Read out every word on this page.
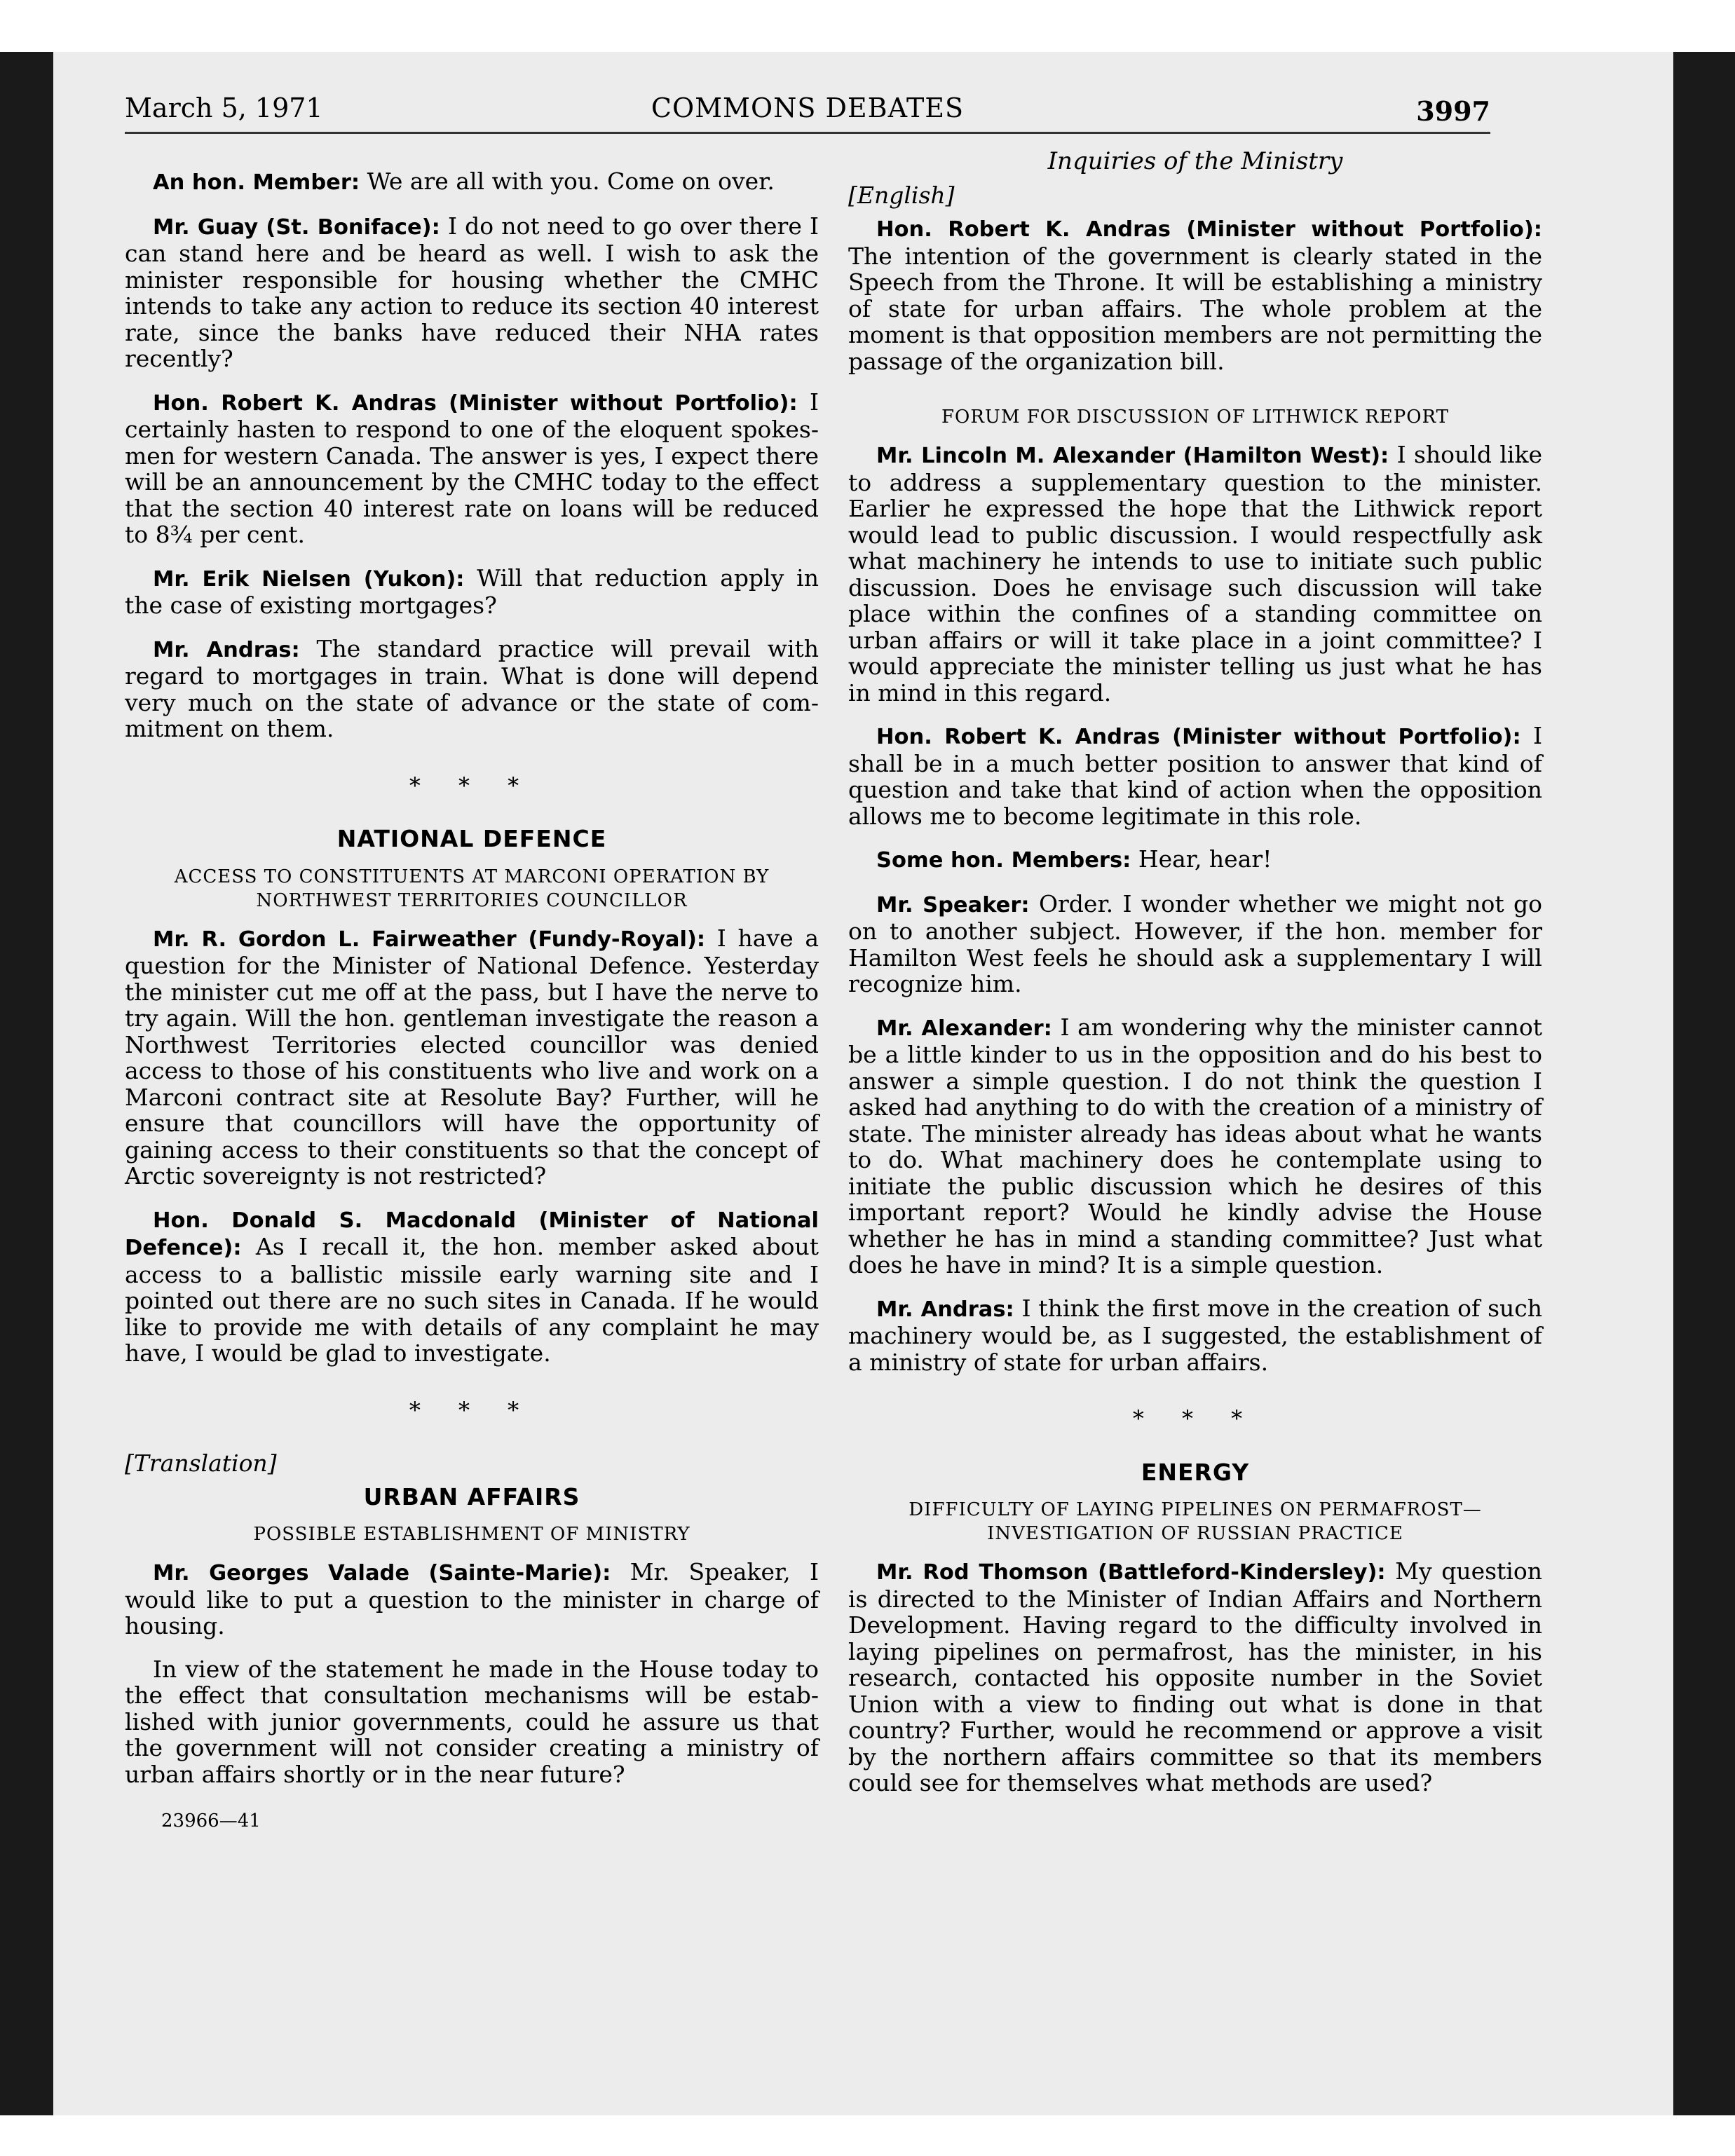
March 5, 1971	COMMONS DEBATES	3997

An hon. Member: We are all with you. Come on over.

Mr. Guay (St. Boniface): I do not need to go over there I can stand here and be heard as well. I wish to ask the minister responsible for housing whether the CMHC intends to take any action to reduce its section 40 interest rate, since the banks have reduced their NHA rates recently?

Hon. Robert K. Andras (Minister without Portfolio): I certainly hasten to respond to one of the eloquent spokesmen for western Canada. The answer is yes, I expect there will be an announcement by the CMHC today to the effect that the section 40 interest rate on loans will be reduced to 8¾ per cent.

Mr. Erik Nielsen (Yukon): Will that reduction apply in the case of existing mortgages?

Mr. Andras: The standard practice will prevail with regard to mortgages in train. What is done will depend very much on the state of advance or the state of commitment on them.

* * *
NATIONAL DEFENCE
ACCESS TO CONSTITUENTS AT MARCONI OPERATION BY NORTHWEST TERRITORIES COUNCILLOR

Mr. R. Gordon L. Fairweather (Fundy-Royal): I have a question for the Minister of National Defence. Yesterday the minister cut me off at the pass, but I have the nerve to try again. Will the hon. gentleman investigate the reason a Northwest Territories elected councillor was denied access to those of his constituents who live and work on a Marconi contract site at Resolute Bay? Further, will he ensure that councillors will have the opportunity of gaining access to their constituents so that the concept of Arctic sovereignty is not restricted?

Hon. Donald S. Macdonald (Minister of National Defence): As I recall it, the hon. member asked about access to a ballistic missile early warning site and I pointed out there are no such sites in Canada. If he would like to provide me with details of any complaint he may have, I would be glad to investigate.

* * *
[Translation]
URBAN AFFAIRS
POSSIBLE ESTABLISHMENT OF MINISTRY

Mr. Georges Valade (Sainte-Marie): Mr. Speaker, I would like to put a question to the minister in charge of housing.

In view of the statement he made in the House today to the effect that consultation mechanisms will be established with junior governments, could he assure us that the government will not consider creating a ministry of urban affairs shortly or in the near future?

23966—41
Inquiries of the Ministry
[English]

Hon. Robert K. Andras (Minister without Portfolio): The intention of the government is clearly stated in the Speech from the Throne. It will be establishing a ministry of state for urban affairs. The whole problem at the moment is that opposition members are not permitting the passage of the organization bill.

FORUM FOR DISCUSSION OF LITHWICK REPORT

Mr. Lincoln M. Alexander (Hamilton West): I should like to address a supplementary question to the minister. Earlier he expressed the hope that the Lithwick report would lead to public discussion. I would respectfully ask what machinery he intends to use to initiate such public discussion. Does he envisage such discussion will take place within the confines of a standing committee on urban affairs or will it take place in a joint committee? I would appreciate the minister telling us just what he has in mind in this regard.

Hon. Robert K. Andras (Minister without Portfolio): I shall be in a much better position to answer that kind of question and take that kind of action when the opposition allows me to become legitimate in this role.

Some hon. Members: Hear, hear!

Mr. Speaker: Order. I wonder whether we might not go on to another subject. However, if the hon. member for Hamilton West feels he should ask a supplementary I will recognize him.

Mr. Alexander: I am wondering why the minister cannot be a little kinder to us in the opposition and do his best to answer a simple question. I do not think the question I asked had anything to do with the creation of a ministry of state. The minister already has ideas about what he wants to do. What machinery does he contemplate using to initiate the public discussion which he desires of this important report? Would he kindly advise the House whether he has in mind a standing committee? Just what does he have in mind? It is a simple question.

Mr. Andras: I think the first move in the creation of such machinery would be, as I suggested, the establishment of a ministry of state for urban affairs.

* * *
ENERGY
DIFFICULTY OF LAYING PIPELINES ON PERMAFROST— INVESTIGATION OF RUSSIAN PRACTICE

Mr. Rod Thomson (Battleford-Kindersley): My question is directed to the Minister of Indian Affairs and Northern Development. Having regard to the difficulty involved in laying pipelines on permafrost, has the minister, in his research, contacted his opposite number in the Soviet Union with a view to finding out what is done in that country? Further, would he recommend or approve a visit by the northern affairs committee so that its members could see for themselves what methods are used?
